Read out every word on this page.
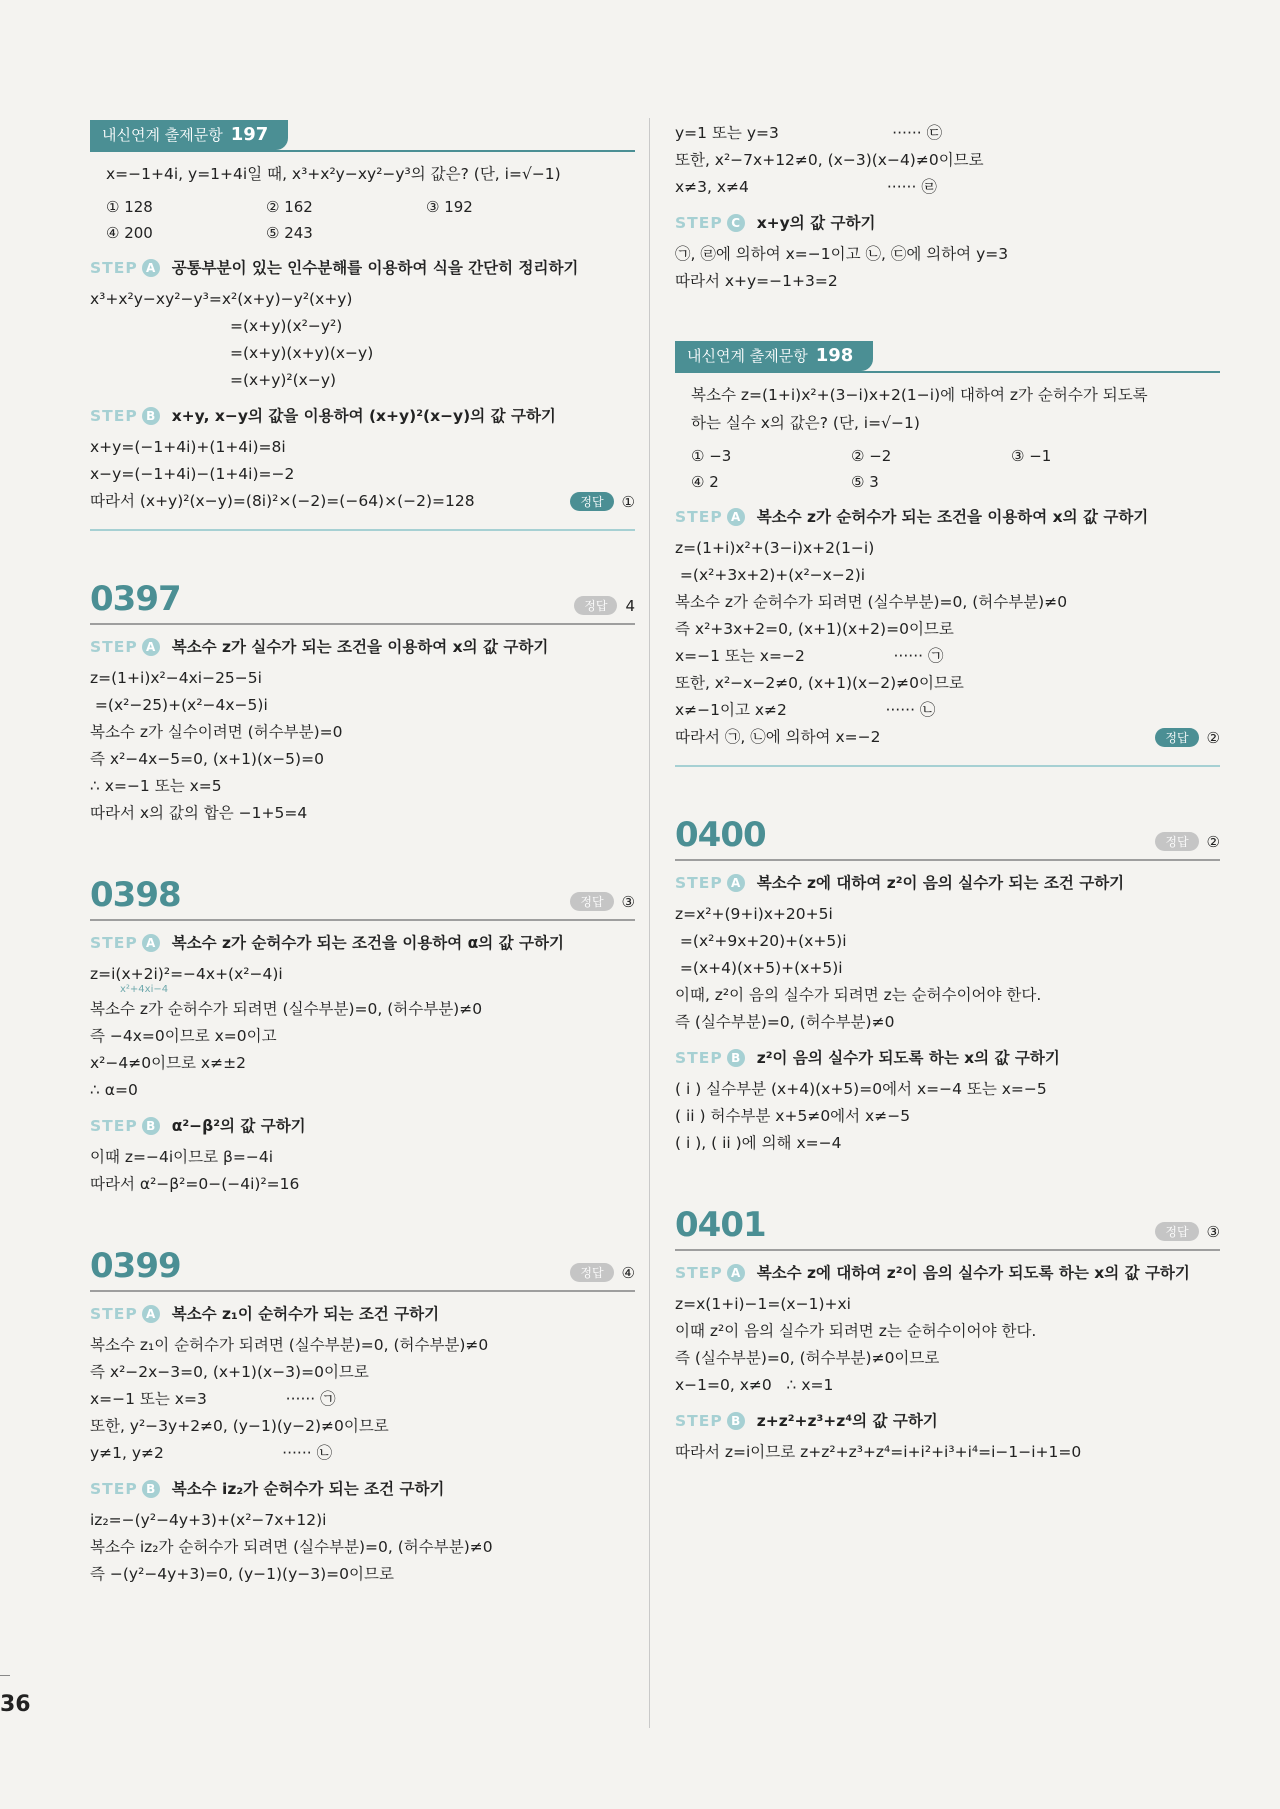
36
내신연계 출제문항 197
x=−1+4i, y=1+4i일 때, x³+x²y−xy²−y³의 값은? (단, i=√−1)
① 128	② 162	③ 192
④ 200	⑤ 243
STEP A 공통부분이 있는 인수분해를 이용하여 식을 간단히 정리하기
x³+x²y−xy²−y³=x²(x+y)−y²(x+y)
=(x+y)(x²−y²)
=(x+y)(x+y)(x−y)
=(x+y)²(x−y)
STEP B x+y, x−y의 값을 이용하여 (x+y)²(x−y)의 값 구하기
x+y=(−1+4i)+(1+4i)=8i
x−y=(−1+4i)−(1+4i)=−2
따라서 (x+y)²(x−y)=(8i)²×(−2)=(−64)×(−2)=128	정답	①
0397	정답	4
STEP A 복소수 z가 실수가 되는 조건을 이용하여 x의 값 구하기
z=(1+i)x²−4xi−25−5i
=(x²−25)+(x²−4x−5)i
복소수 z가 실수이려면 (허수부분)=0
즉 x²−4x−5=0, (x+1)(x−5)=0
∴ x=−1 또는 x=5
따라서 x의 값의 합은 −1+5=4
0398	정답	③
STEP A 복소수 z가 순허수가 되는 조건을 이용하여 α의 값 구하기
z=i(x+2i)²=−4x+(x²−4)i
x²+4xi−4
복소수 z가 순허수가 되려면 (실수부분)=0, (허수부분)≠0
즉 −4x=0이므로 x=0이고
x²−4≠0이므로 x≠±2
∴ α=0
STEP B α²−β²의 값 구하기
이때 z=−4i이므로 β=−4i
따라서 α²−β²=0−(−4i)²=16
0399	정답	④
STEP A 복소수 z₁이 순허수가 되는 조건 구하기
복소수 z₁이 순허수가 되려면 (실수부분)=0, (허수부분)≠0
즉 x²−2x−3=0, (x+1)(x−3)=0이므로
x=−1 또는 x=3                ······ ㉠
또한, y²−3y+2≠0, (y−1)(y−2)≠0이므로
y≠1, y≠2                        ······ ㉡
STEP B 복소수 iz₂가 순허수가 되는 조건 구하기
iz₂=−(y²−4y+3)+(x²−7x+12)i
복소수 iz₂가 순허수가 되려면 (실수부분)=0, (허수부분)≠0
즉 −(y²−4y+3)=0, (y−1)(y−3)=0이므로
y=1 또는 y=3                       ······ ㉢
또한, x²−7x+12≠0, (x−3)(x−4)≠0이므로
x≠3, x≠4                            ······ ㉣
STEP C x+y의 값 구하기
㉠, ㉣에 의하여 x=−1이고 ㉡, ㉢에 의하여 y=3
따라서 x+y=−1+3=2
내신연계 출제문항 198
복소수 z=(1+i)x²+(3−i)x+2(1−i)에 대하여 z가 순허수가 되도록
하는 실수 x의 값은? (단, i=√−1)
① −3	② −2	③ −1
④ 2	⑤ 3
STEP A 복소수 z가 순허수가 되는 조건을 이용하여 x의 값 구하기
z=(1+i)x²+(3−i)x+2(1−i)
=(x²+3x+2)+(x²−x−2)i
복소수 z가 순허수가 되려면 (실수부분)=0, (허수부분)≠0
즉 x²+3x+2=0, (x+1)(x+2)=0이므로
x=−1 또는 x=−2                  ······ ㉠
또한, x²−x−2≠0, (x+1)(x−2)≠0이므로
x≠−1이고 x≠2                    ······ ㉡
따라서 ㉠, ㉡에 의하여 x=−2	정답	②
0400	정답	②
STEP A 복소수 z에 대하여 z²이 음의 실수가 되는 조건 구하기
z=x²+(9+i)x+20+5i
=(x²+9x+20)+(x+5)i
=(x+4)(x+5)+(x+5)i
이때, z²이 음의 실수가 되려면 z는 순허수이어야 한다.
즉 (실수부분)=0, (허수부분)≠0
STEP B z²이 음의 실수가 되도록 하는 x의 값 구하기
( i ) 실수부분 (x+4)(x+5)=0에서 x=−4 또는 x=−5
( ii ) 허수부분 x+5≠0에서 x≠−5
( i ), ( ii )에 의해 x=−4
0401	정답	③
STEP A 복소수 z에 대하여 z²이 음의 실수가 되도록 하는 x의 값 구하기
z=x(1+i)−1=(x−1)+xi
이때 z²이 음의 실수가 되려면 z는 순허수이어야 한다.
즉 (실수부분)=0, (허수부분)≠0이므로
x−1=0, x≠0   ∴ x=1
STEP B z+z²+z³+z⁴의 값 구하기
따라서 z=i이므로 z+z²+z³+z⁴=i+i²+i³+i⁴=i−1−i+1=0
